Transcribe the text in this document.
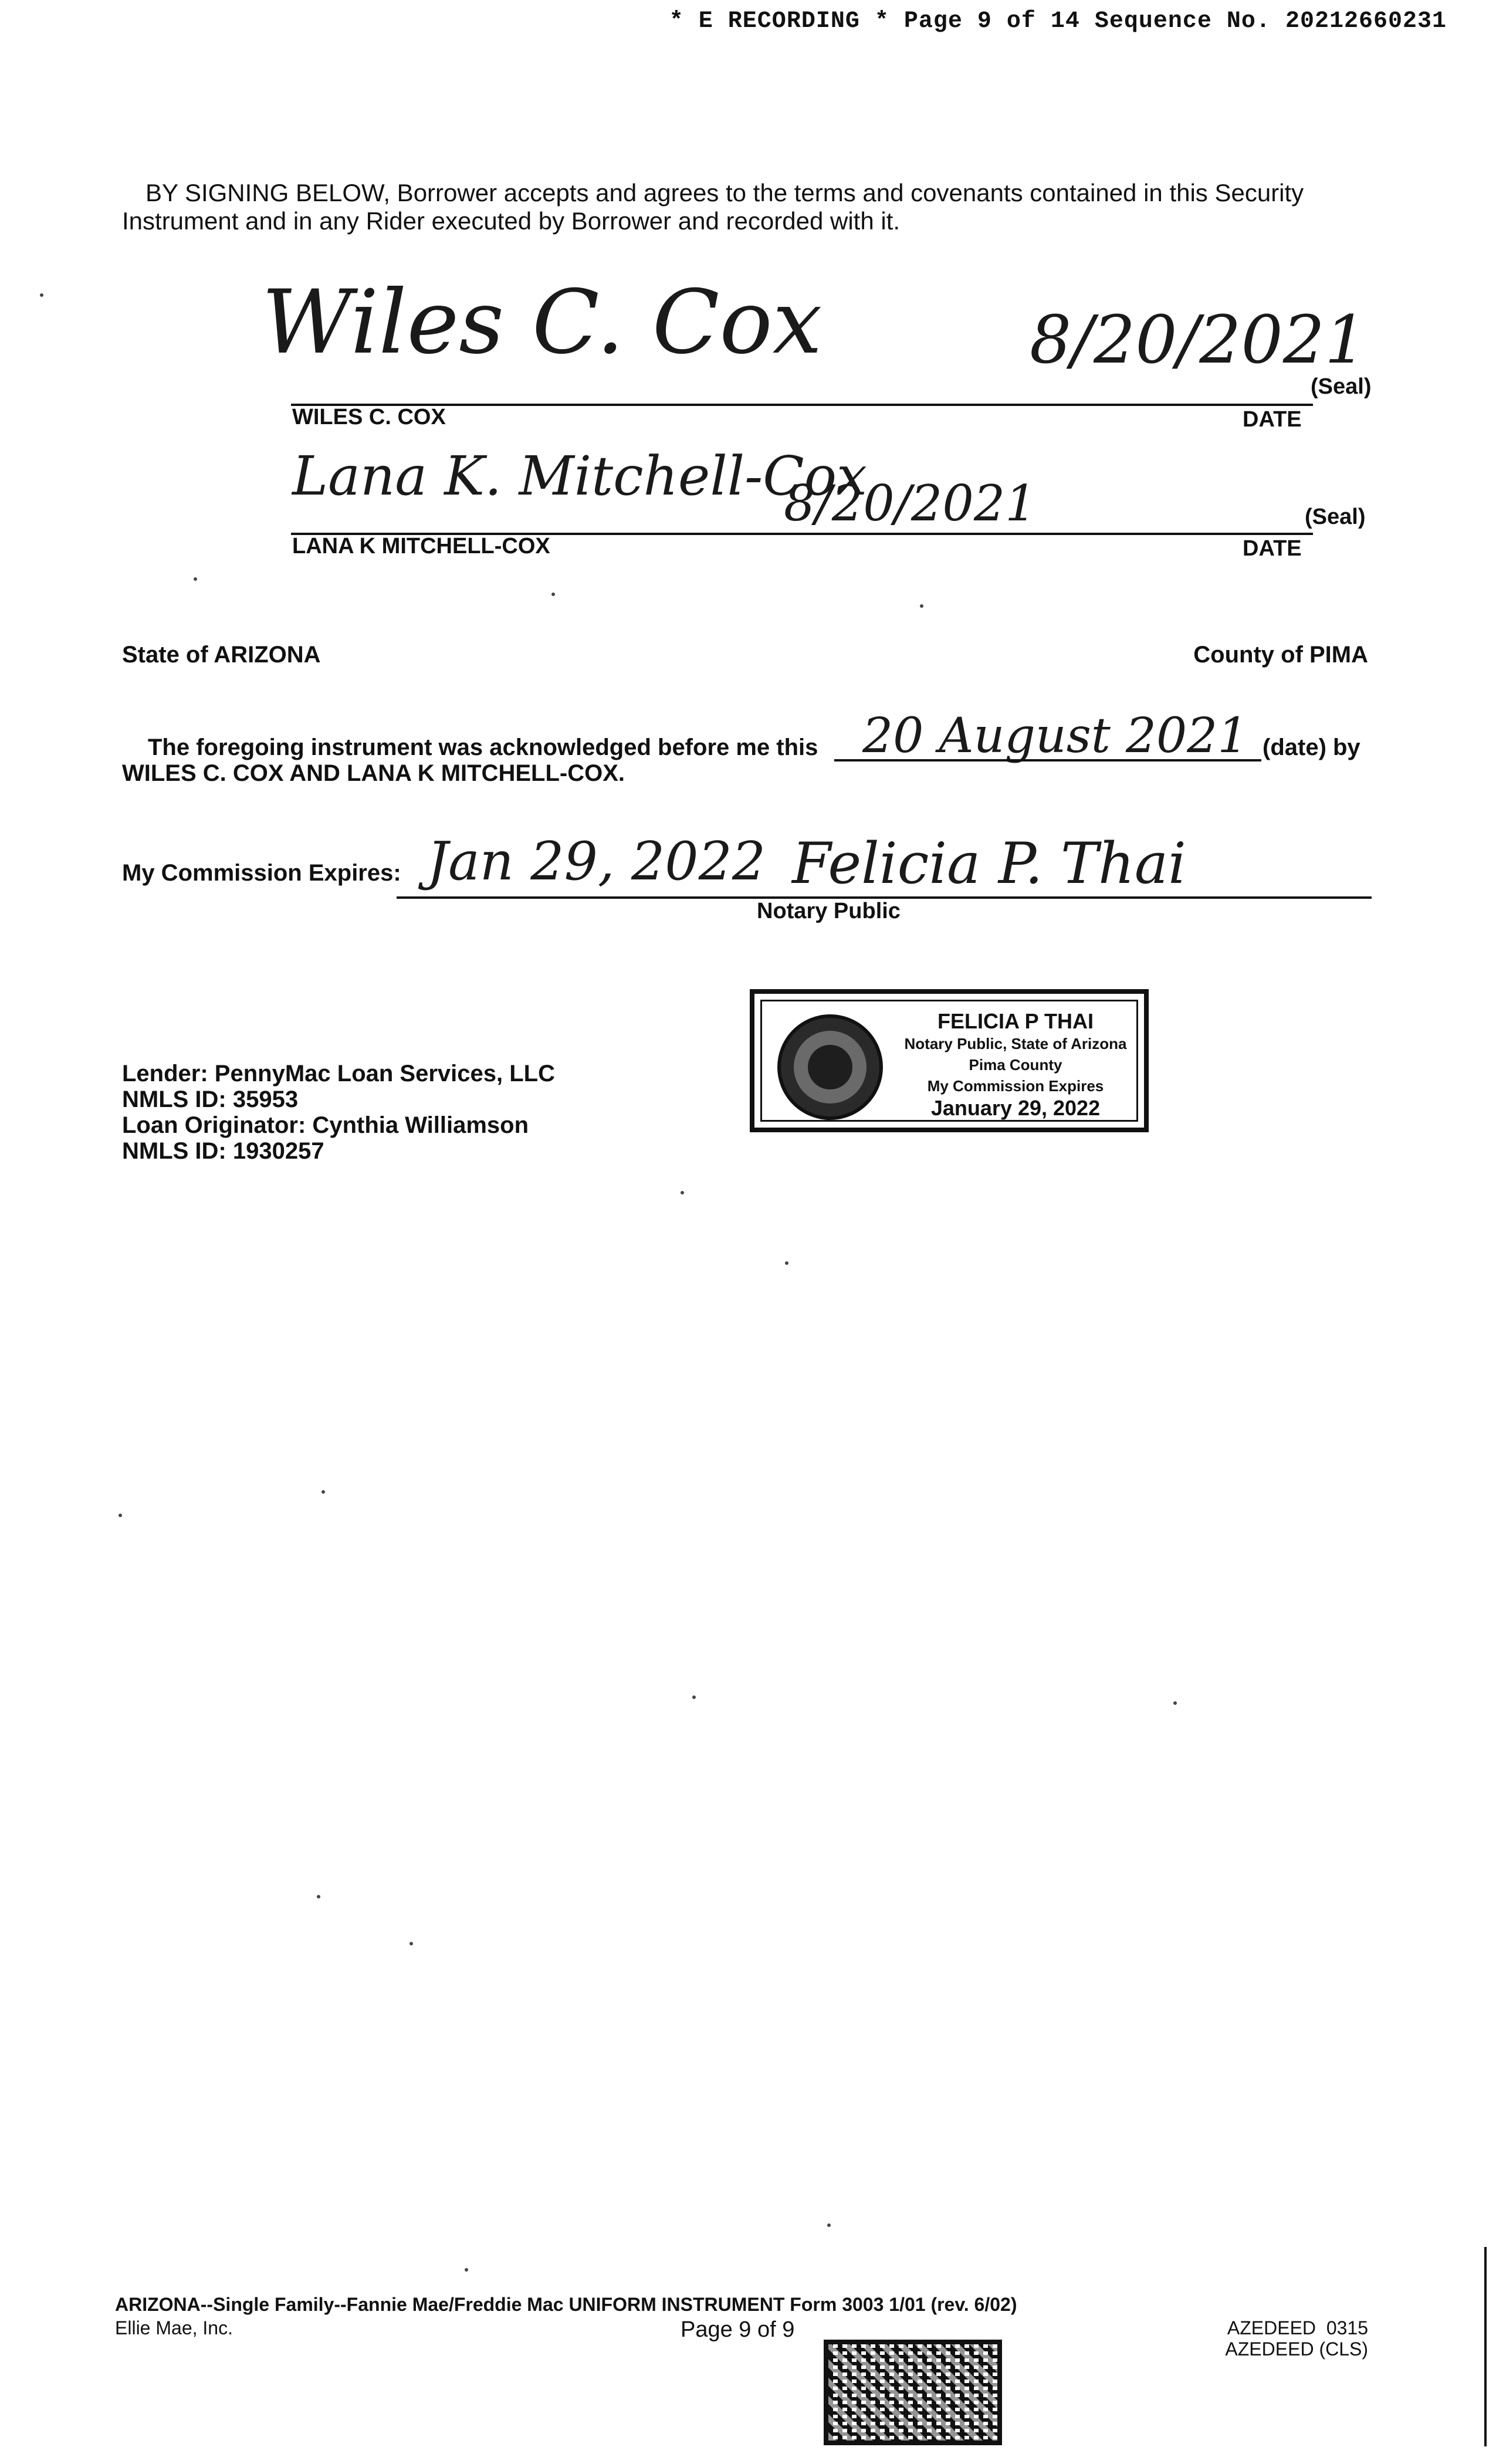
* E RECORDING * Page 9 of 14 Sequence No. 20212660231
BY SIGNING BELOW, Borrower accepts and agrees to the terms and covenants contained in this Security Instrument and in any Rider executed by Borrower and recorded with it.
Wiles C. Cox	8/20/2021
WILES C. COX	DATE
(Seal)
Lana K. Mitchell-Cox
8/20/2021
LANA K MITCHELL-COX	DATE
(Seal)
State of ARIZONA	County of PIMA
The foregoing instrument was acknowledged before me this 20 August 2021 (date) by
WILES C. COX AND LANA K MITCHELL-COX.
My Commission Expires: Jan 29, 2022 Felicia P. Thai
Notary Public
FELICIA P THAI
Notary Public, State of Arizona
Pima County
My Commission Expires
January 29, 2022
Lender: PennyMac Loan Services, LLC
NMLS ID: 35953
Loan Originator: Cynthia Williamson
NMLS ID: 1930257
ARIZONA--Single Family--Fannie Mae/Freddie Mac UNIFORM INSTRUMENT Form 3003 1/01 (rev. 6/02)
Ellie Mae, Inc.	Page 9 of 9	AZEDEED  0315
AZEDEED (CLS)
